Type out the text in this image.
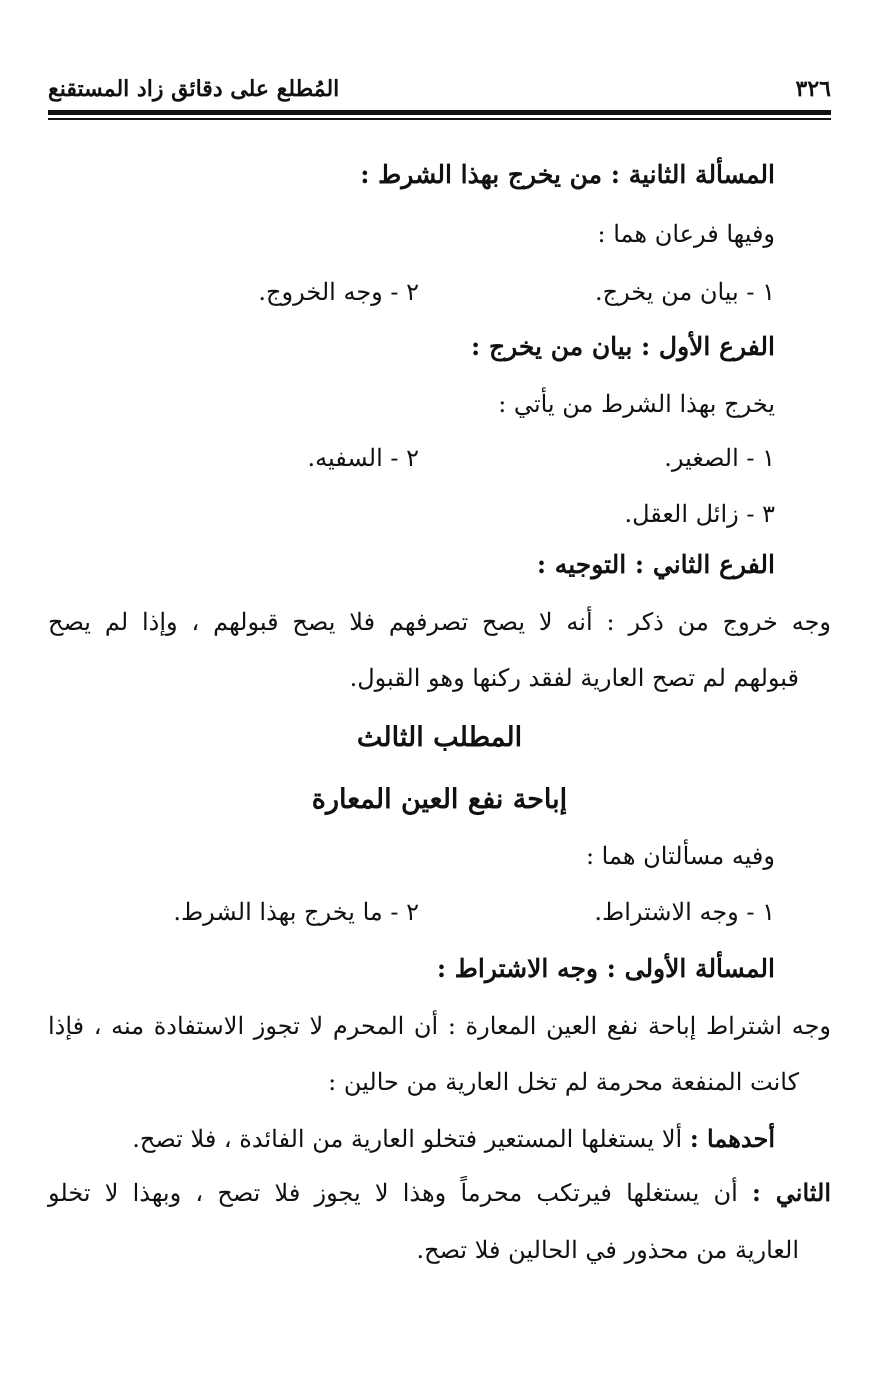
٣٢٦
المُطلع على دقائق زاد المستقنع
المسألة الثانية : من يخرج بهذا الشرط :
وفيها فرعان هما :
١ - بيان من يخرج.
٢ - وجه الخروج.
الفرع الأول : بيان من يخرج :
يخرج بهذا الشرط من يأتي :
١ - الصغير.
٢ - السفيه.
٣ - زائل العقل.
الفرع الثاني : التوجيه :
وجه خروج من ذكر : أنه لا يصح تصرفهم فلا يصح قبولهم ، وإذا لم يصح
قبولهم لم تصح العارية لفقد ركنها وهو القبول.
المطلب الثالث
إباحة نفع العين المعارة
وفيه مسألتان هما :
١ - وجه الاشتراط.
٢ - ما يخرج بهذا الشرط.
المسألة الأولى : وجه الاشتراط :
وجه اشتراط إباحة نفع العين المعارة : أن المحرم لا تجوز الاستفادة منه ، فإذا
كانت المنفعة محرمة لم تخل العارية من حالين :
أحدهما : ألا يستغلها المستعير فتخلو العارية من الفائدة ، فلا تصح.
الثاني : أن يستغلها فيرتكب محرماً وهذا لا يجوز فلا تصح ، وبهذا لا تخلو
العارية من محذور في الحالين فلا تصح.
